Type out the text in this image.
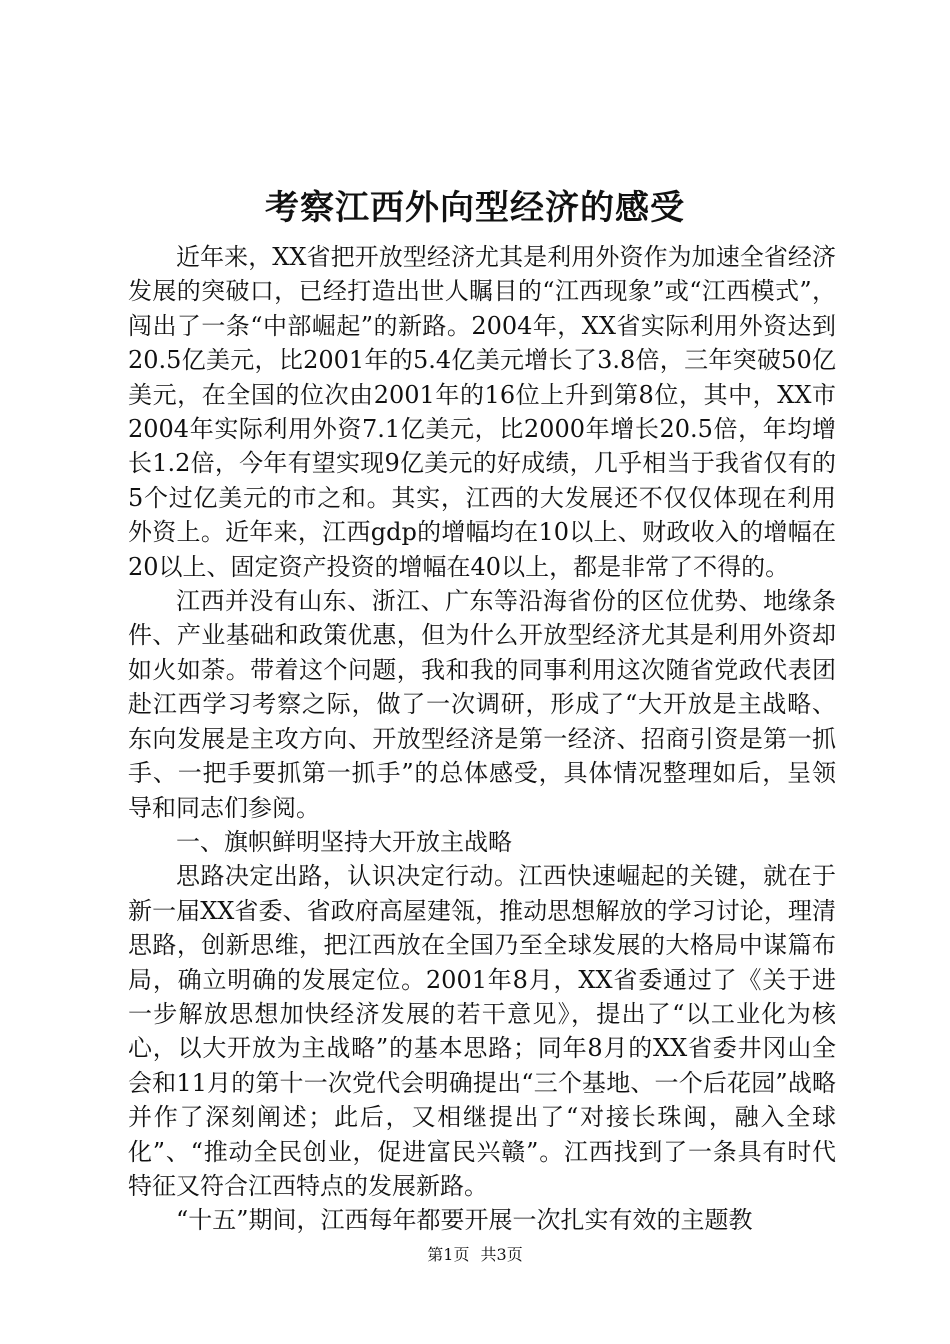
考察江西外向型经济的感受

近年来，XX省把开放型经济尤其是利用外资作为加速全省经济发展的突破口，已经打造出世人瞩目的“江西现象”或“江西模式”，闯出了一条“中部崛起”的新路。2004年，XX省实际利用外资达到20.5亿美元，比2001年的5.4亿美元增长了3.8倍，三年突破50亿美元，在全国的位次由2001年的16位上升到第8位，其中，XX市2004年实际利用外资7.1亿美元，比2000年增长20.5倍，年均增长1.2倍，今年有望实现9亿美元的好成绩，几乎相当于我省仅有的5个过亿美元的市之和。其实，江西的大发展还不仅仅体现在利用外资上。近年来，江西gdp的增幅均在10以上、财政收入的增幅在20以上、固定资产投资的增幅在40以上，都是非常了不得的。

江西并没有山东、浙江、广东等沿海省份的区位优势、地缘条件、产业基础和政策优惠，但为什么开放型经济尤其是利用外资却如火如荼。带着这个问题，我和我的同事利用这次随省党政代表团赴江西学习考察之际，做了一次调研，形成了“大开放是主战略、东向发展是主攻方向、开放型经济是第一经济、招商引资是第一抓手、一把手要抓第一抓手”的总体感受，具体情况整理如后，呈领导和同志们参阅。

一、旗帜鲜明坚持大开放主战略

思路决定出路，认识决定行动。江西快速崛起的关键，就在于新一届XX省委、省政府高屋建瓴，推动思想解放的学习讨论，理清思路，创新思维，把江西放在全国乃至全球发展的大格局中谋篇布局，确立明确的发展定位。2001年8月，XX省委通过了《关于进一步解放思想加快经济发展的若干意见》，提出了“以工业化为核心，以大开放为主战略”的基本思路；同年8月的XX省委井冈山全会和11月的第十一次党代会明确提出“三个基地、一个后花园”战略并作了深刻阐述；此后，又相继提出了“对接长珠闽，融入全球化”、“推动全民创业，促进富民兴赣”。江西找到了一条具有时代特征又符合江西特点的发展新路。

“十五”期间，江西每年都要开展一次扎实有效的主题教

第1页 共3页
